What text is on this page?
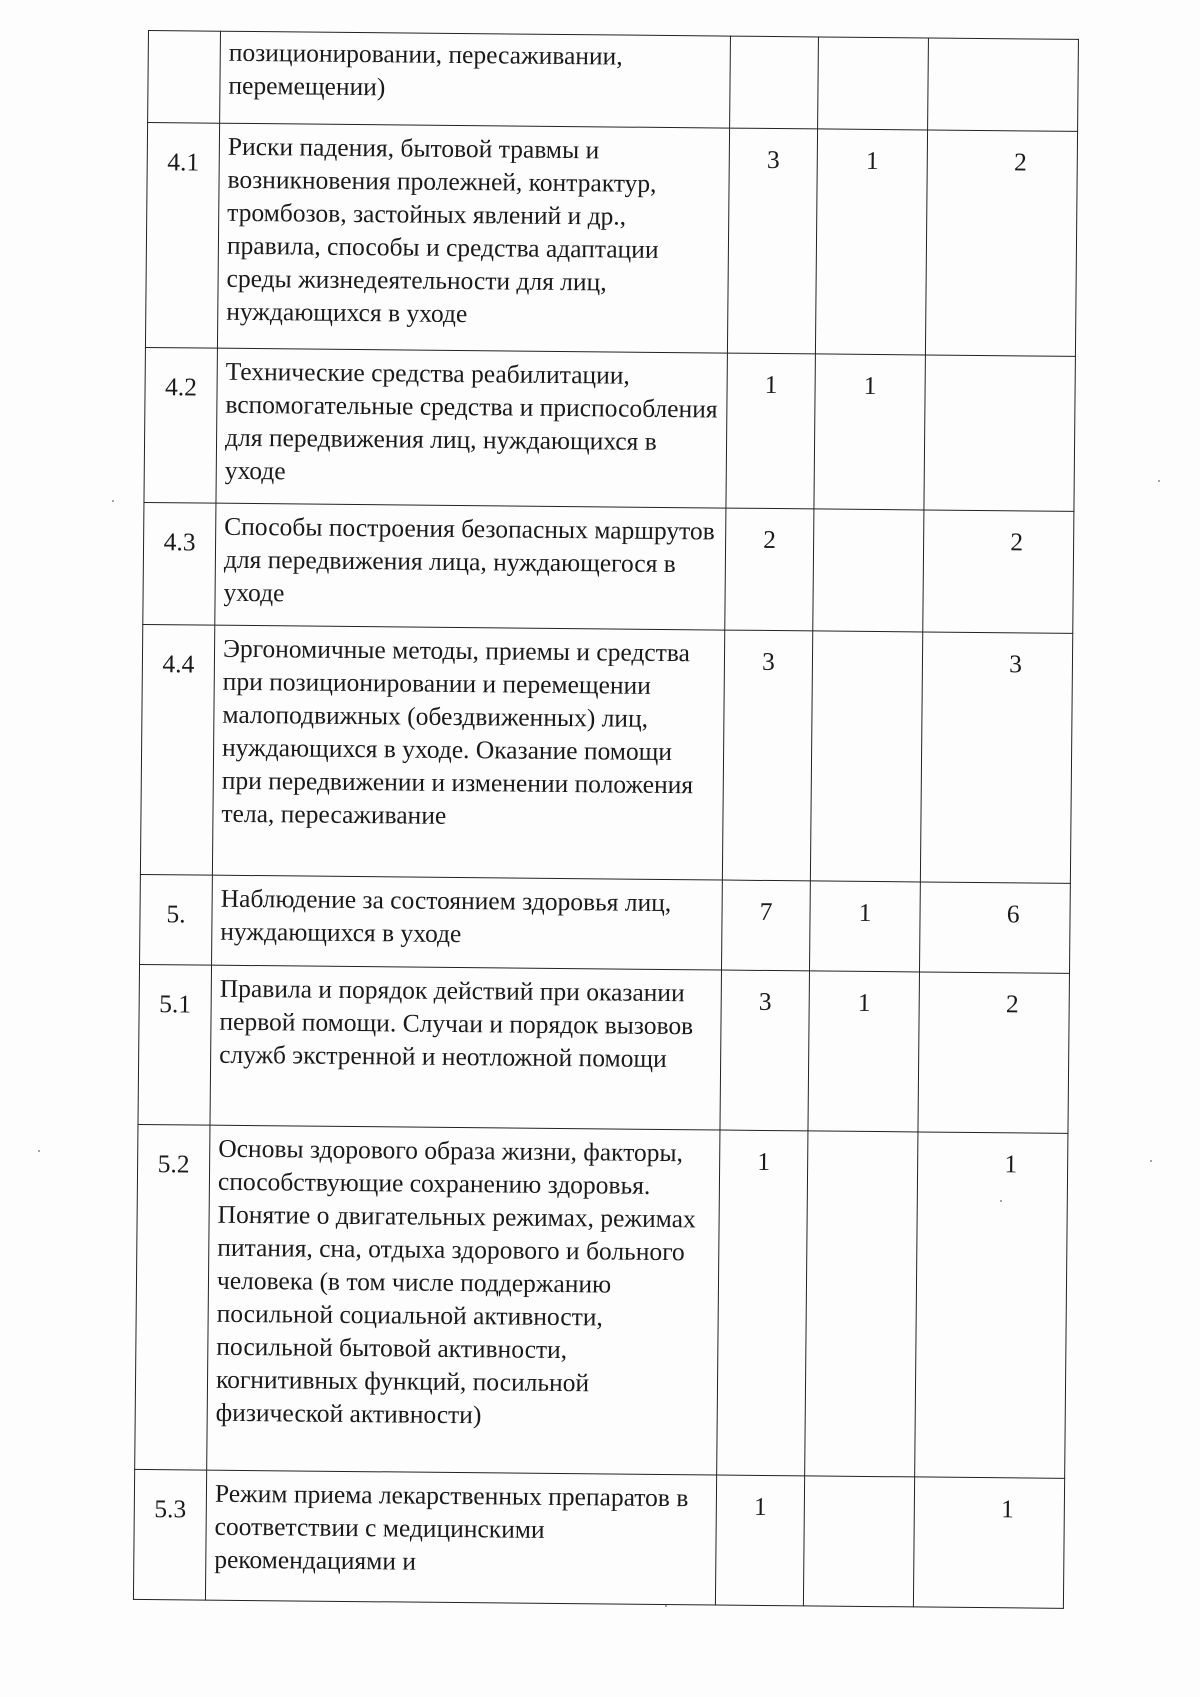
	позиционировании, пересаживании, перемещении)			
4.1	Риски падения, бытовой травмы и возникновения пролежней, контрактур, тромбозов, застойных явлений и др., правила, способы и средства адаптации среды жизнедеятельности для лиц, нуждающихся в уходе	3	1	2
4.2	Технические средства реабилитации, вспомогательные средства и приспособления для передвижения лиц, нуждающихся в уходе	1	1	
4.3	Способы построения безопасных маршрутов для передвижения лица, нуждающегося в уходе	2		2
4.4	Эргономичные методы, приемы и средства при позиционировании и перемещении малоподвижных (обездвиженных) лиц, нуждающихся в уходе. Оказание помощи при передвижении и изменении положения тела, пересаживание	3		3
5.	Наблюдение за состоянием здоровья лиц, нуждающихся в уходе	7	1	6
5.1	Правила и порядок действий при оказании первой помощи. Случаи и порядок вызовов служб экстренной и неотложной помощи	3	1	2
5.2	Основы здорового образа жизни, факторы, способствующие сохранению здоровья. Понятие о двигательных режимах, режимах питания, сна, отдыха здорового и больного человека (в том числе поддержанию посильной социальной активности, посильной бытовой активности, когнитивных функций, посильной физической активности)	1		1
5.3	Режим приема лекарственных препаратов в соответствии с медицинскими рекомендациями и	1		1
